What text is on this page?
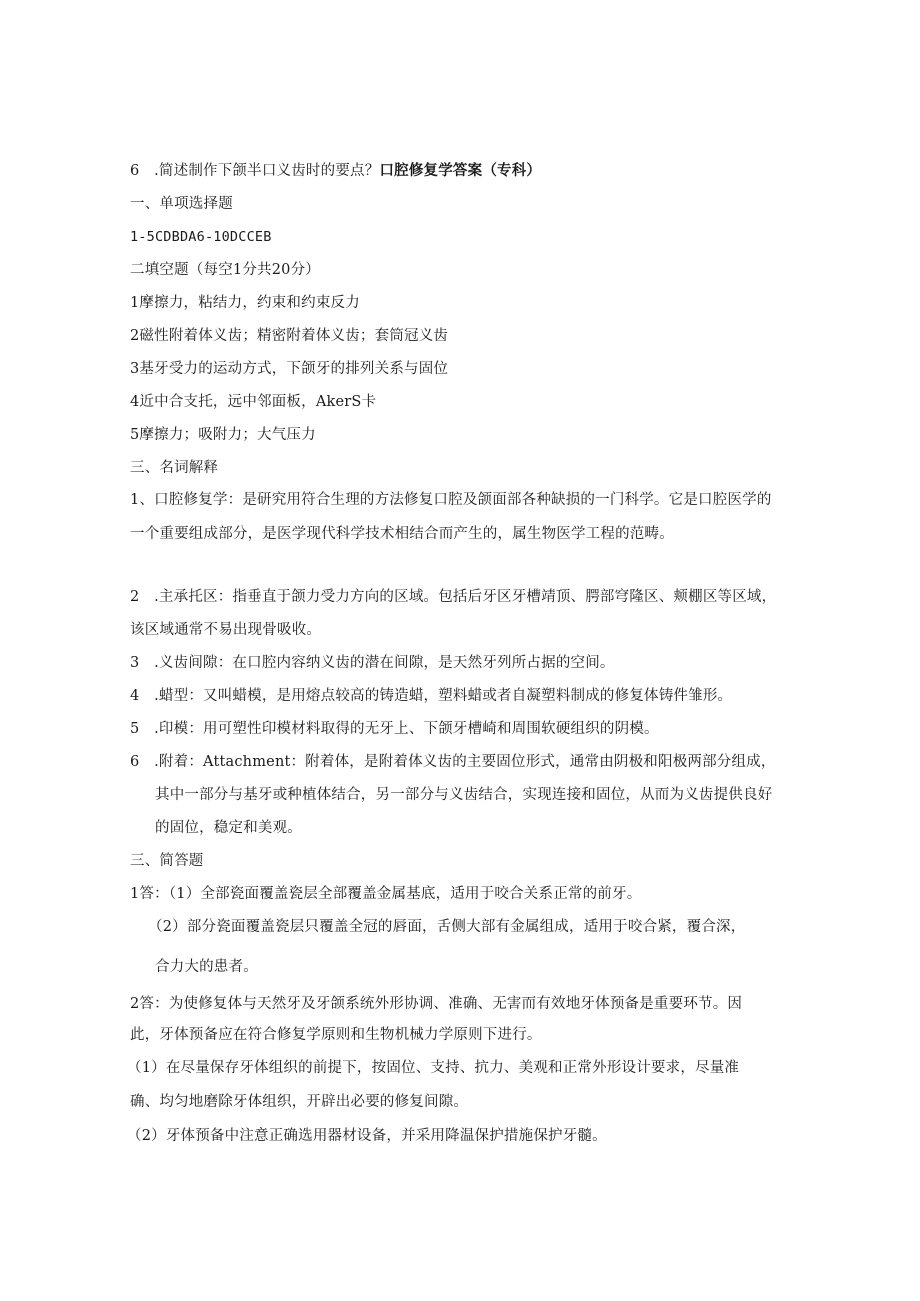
6　.简述制作下颌半口义齿时的要点？口腔修复学答案（专科）
一、单项选择题
1-5CDBDA6-10DCCEB
二填空题（每空1分共20分）
1摩擦力，粘结力，约束和约束反力
2磁性附着体义齿；精密附着体义齿；套筒冠义齿
3基牙受力的运动方式，下颌牙的排列关系与固位
4近中合支托，远中邻面板，AkerS卡
5摩擦力；吸附力；大气压力
三、名词解释
1、口腔修复学：是研究用符合生理的方法修复口腔及颌面部各种缺损的一门科学。它是口腔医学的
一个重要组成部分，是医学现代科学技术相结合而产生的，属生物医学工程的范畴。
2　.主承托区：指垂直于颌力受力方向的区域。包括后牙区牙槽靖顶、腭部穹隆区、颊棚区等区域，
该区域通常不易出现骨吸收。
3　.义齿间隙：在口腔内容纳义齿的潜在间隙，是天然牙列所占据的空间。
4　.蜡型：又叫蜡模，是用熔点较高的铸造蜡，塑料蜡或者自凝塑料制成的修复体铸件雏形。
5　.印模：用可塑性印模材料取得的无牙上、下颌牙槽崎和周围软硬组织的阴模。
6　.附着：Attachment：附着体，是附着体义齿的主要固位形式，通常由阴极和阳极两部分组成，
其中一部分与基牙或种植体结合，另一部分与义齿结合，实现连接和固位，从而为义齿提供良好
的固位，稳定和美观。
三、简答题
1答：（1）全部瓷面覆盖瓷层全部覆盖金属基底，适用于咬合关系正常的前牙。
（2）部分瓷面覆盖瓷层只覆盖全冠的唇面，舌侧大部有金属组成，适用于咬合紧，覆合深，
合力大的患者。
2答：为使修复体与天然牙及牙颌系统外形协调、准确、无害而有效地牙体预备是重要环节。因
此，牙体预备应在符合修复学原则和生物机械力学原则下进行。
（1）在尽量保存牙体组织的前提下，按固位、支持、抗力、美观和正常外形设计要求，尽量准
确、均匀地磨除牙体组织，开辟出必要的修复间隙。
（2）牙体预备中注意正确选用器材设备，并采用降温保护措施保护牙髓。
